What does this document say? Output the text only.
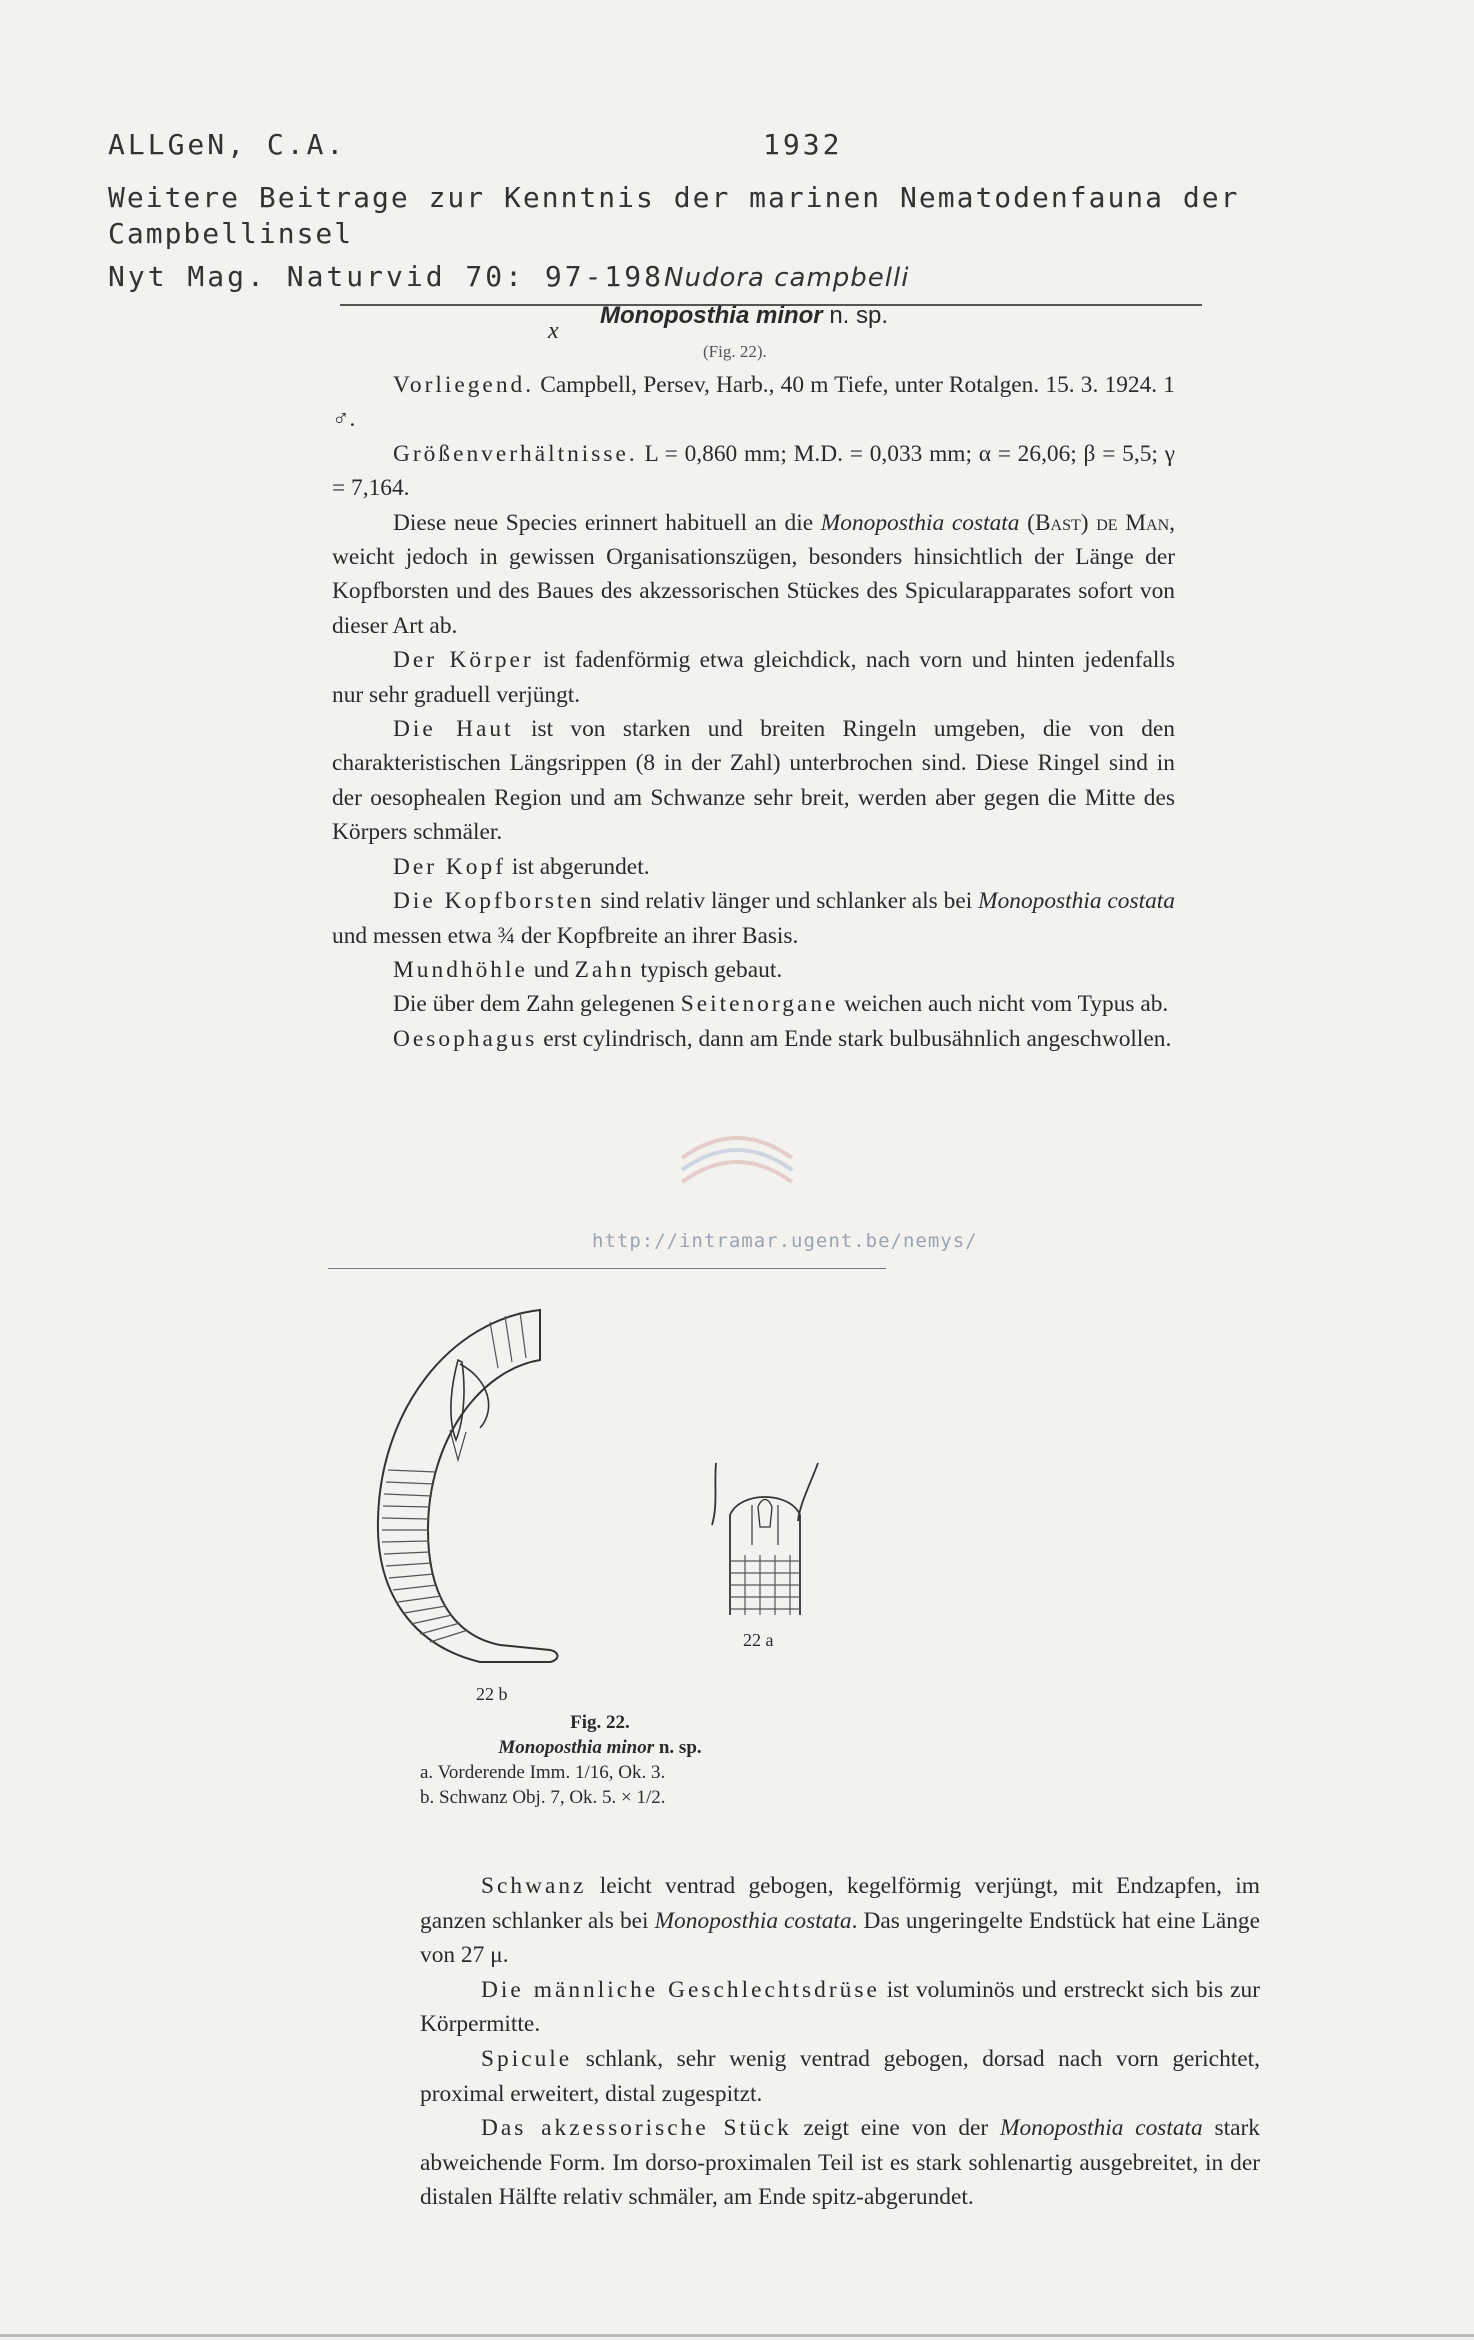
ALLGeN, C.A.	1932
Weitere Beitrage zur Kenntnis der marinen Nematodenfauna der
Campbellinsel
Nyt Mag. Naturvid 70: 97-198Nudora campbelli
x
Monoposthia minor n. sp.
(Fig. 22).

Vorliegend. Campbell, Persev, Harb., 40 m Tiefe, unter Rotalgen. 15. 3. 1924. 1 ♂.

Größenverhältnisse. L = 0,860 mm; M.D. = 0,033 mm; α = 26,06; β = 5,5; γ = 7,164.

Diese neue Species erinnert habituell an die Monoposthia costata (Bast) de Man, weicht jedoch in gewissen Organisationszügen, besonders hinsichtlich der Länge der Kopfborsten und des Baues des akzessorischen Stückes des Spicularapparates sofort von dieser Art ab.

Der Körper ist fadenförmig etwa gleichdick, nach vorn und hinten jedenfalls nur sehr graduell verjüngt.

Die Haut ist von starken und breiten Ringeln umgeben, die von den charakteristischen Längsrippen (8 in der Zahl) unterbrochen sind. Diese Ringel sind in der oesophealen Region und am Schwanze sehr breit, werden aber gegen die Mitte des Körpers schmäler.

Der Kopf ist abgerundet.

Die Kopfborsten sind relativ länger und schlanker als bei Monoposthia costata und messen etwa ¾ der Kopfbreite an ihrer Basis.

Mundhöhle und Zahn typisch gebaut.

Die über dem Zahn gelegenen Seitenorgane weichen auch nicht vom Typus ab.

Oesophagus erst cylindrisch, dann am Ende stark bulbusähnlich angeschwollen.

http://intramar.ugent.be/nemys/
22 a
22 b
Fig. 22.
Monoposthia minor n. sp.
a. Vorderende Imm. 1/16, Ok. 3.
b. Schwanz Obj. 7, Ok. 5. × 1/2.

Schwanz leicht ventrad gebogen, kegelförmig verjüngt, mit Endzapfen, im ganzen schlanker als bei Monoposthia costata. Das ungeringelte Endstück hat eine Länge von 27 μ.

Die männliche Geschlechtsdrüse ist voluminös und erstreckt sich bis zur Körpermitte.

Spicule schlank, sehr wenig ventrad gebogen, dorsad nach vorn gerichtet, proximal erweitert, distal zugespitzt.

Das akzessorische Stück zeigt eine von der Monoposthia costata stark abweichende Form. Im dorso-proximalen Teil ist es stark sohlenartig ausgebreitet, in der distalen Hälfte relativ schmäler, am Ende spitz-abgerundet.
